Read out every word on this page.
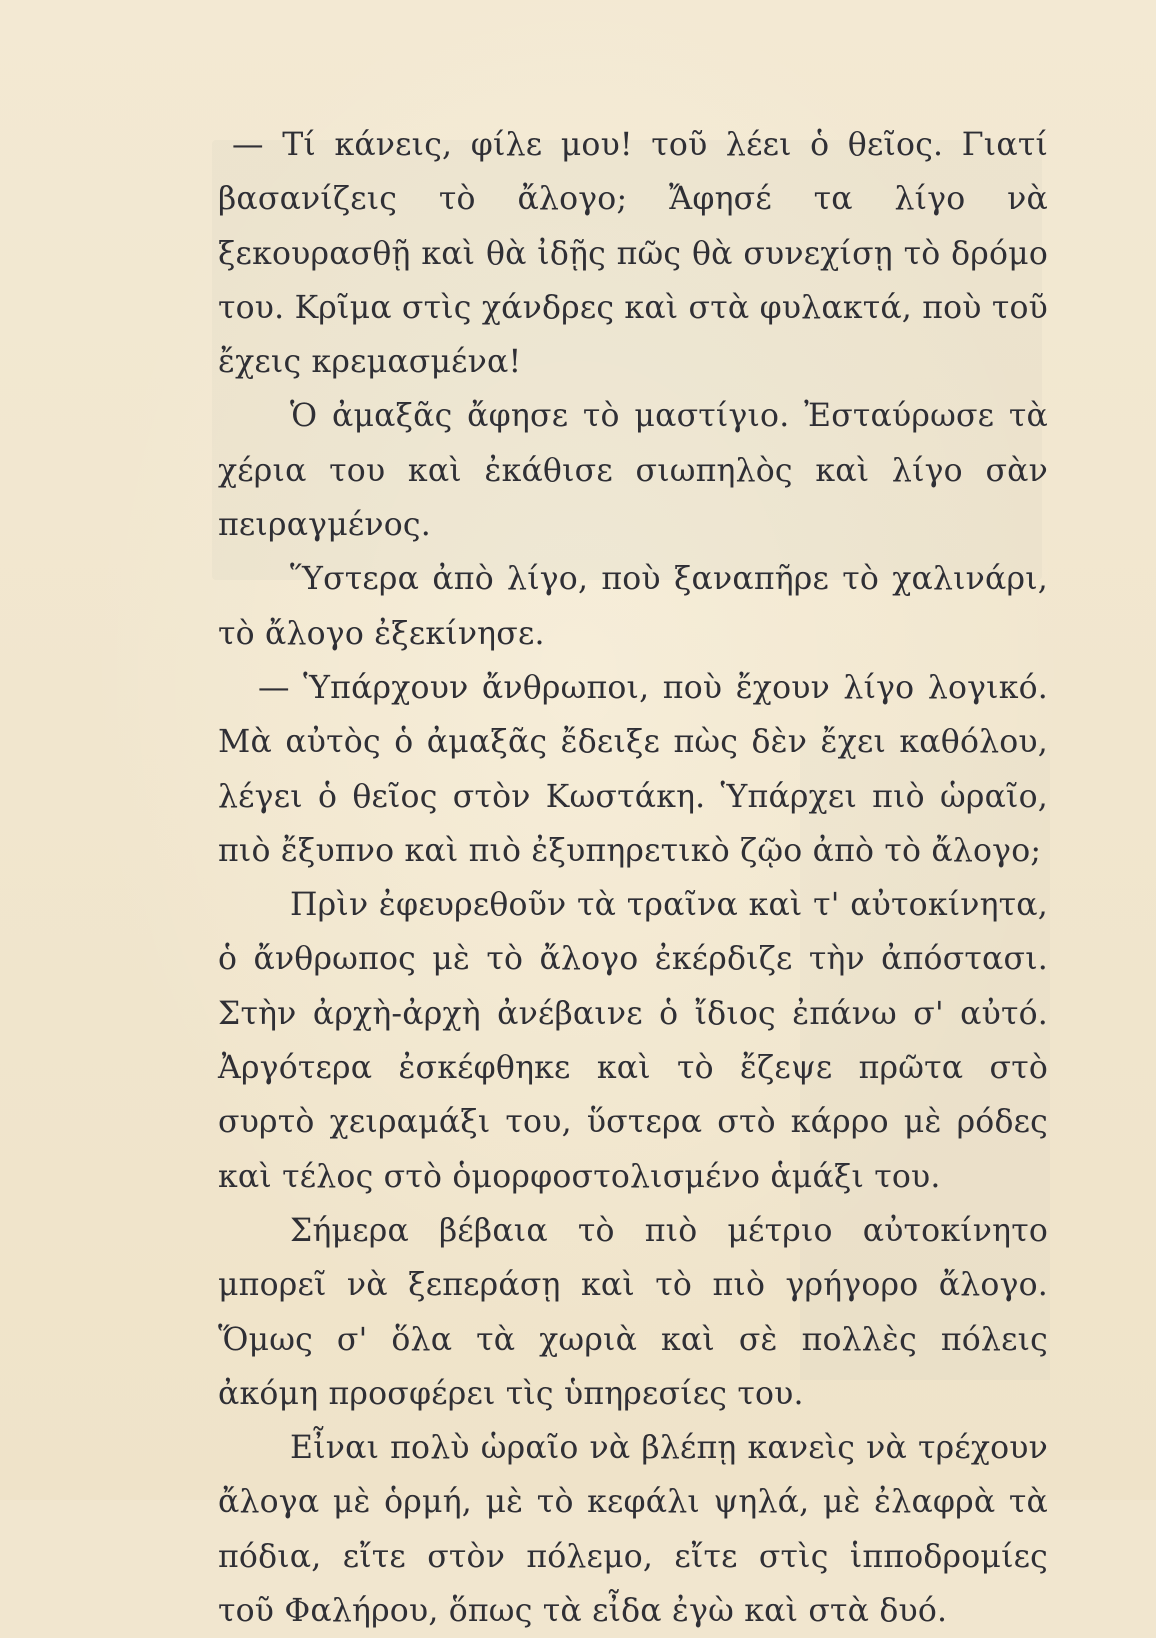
— Τί κάνεις, φίλε μου! τοῦ λέει ὁ θεῖος. Γιατί βασανίζεις τὸ ἄλογο; Ἄφησέ τα λίγο νὰ ξεκουρασθῇ καὶ θὰ ἰδῇς πῶς θὰ συνεχίσῃ τὸ δρόμο του. Κρῖμα στὶς χάνδρες καὶ στὰ φυλακτά, ποὺ τοῦ ἔχεις κρεμασμένα!

Ὁ ἀμαξᾶς ἄφησε τὸ μαστίγιο. Ἐσταύρωσε τὰ χέρια του καὶ ἐκάθισε σιωπηλὸς καὶ λίγο σὰν πειραγμένος.

Ὕστερα ἀπὸ λίγο, ποὺ ξαναπῆρε τὸ χαλινάρι, τὸ ἄλογο ἐξεκίνησε.

— Ὑπάρχουν ἄνθρωποι, ποὺ ἔχουν λίγο λογικό. Μὰ αὐτὸς ὁ ἀμαξᾶς ἔδειξε πὼς δὲν ἔχει καθόλου, λέγει ὁ θεῖος στὸν Κωστάκη. Ὑπάρχει πιὸ ὡραῖο, πιὸ ἔξυπνο καὶ πιὸ ἐξυπηρετικὸ ζῷο ἀπὸ τὸ ἄλογο;

Πρὶν ἐφευρεθοῦν τὰ τραῖνα καὶ τ' αὐτοκίνητα, ὁ ἄνθρωπος μὲ τὸ ἄλογο ἐκέρδιζε τὴν ἀπόστασι. Στὴν ἀρχὴ-ἀρχὴ ἀνέβαινε ὁ ἴδιος ἐπάνω σ' αὐτό. Ἀργότερα ἐσκέφθηκε καὶ τὸ ἔζεψε πρῶτα στὸ συρτὸ χειραμάξι του, ὕστερα στὸ κάρρο μὲ ρόδες καὶ τέλος στὸ ὁμορφοστολισμένο ἁμάξι του.

Σήμερα βέβαια τὸ πιὸ μέτριο αὐτοκίνητο μπορεῖ νὰ ξεπεράσῃ καὶ τὸ πιὸ γρήγορο ἄλογο. Ὅμως σ' ὅλα τὰ χωριὰ καὶ σὲ πολλὲς πόλεις ἀκόμη προσφέρει τὶς ὑπηρεσίες του.

Εἶναι πολὺ ὡραῖο νὰ βλέπῃ κανεὶς νὰ τρέχουν ἄλογα μὲ ὁρμή, μὲ τὸ κεφάλι ψηλά, μὲ ἐλαφρὰ τὰ πόδια, εἴτε στὸν πόλεμο, εἴτε στὶς ἱπποδρομίες τοῦ Φαλήρου, ὅπως τὰ εἶδα ἐγὼ καὶ στὰ δυό.
